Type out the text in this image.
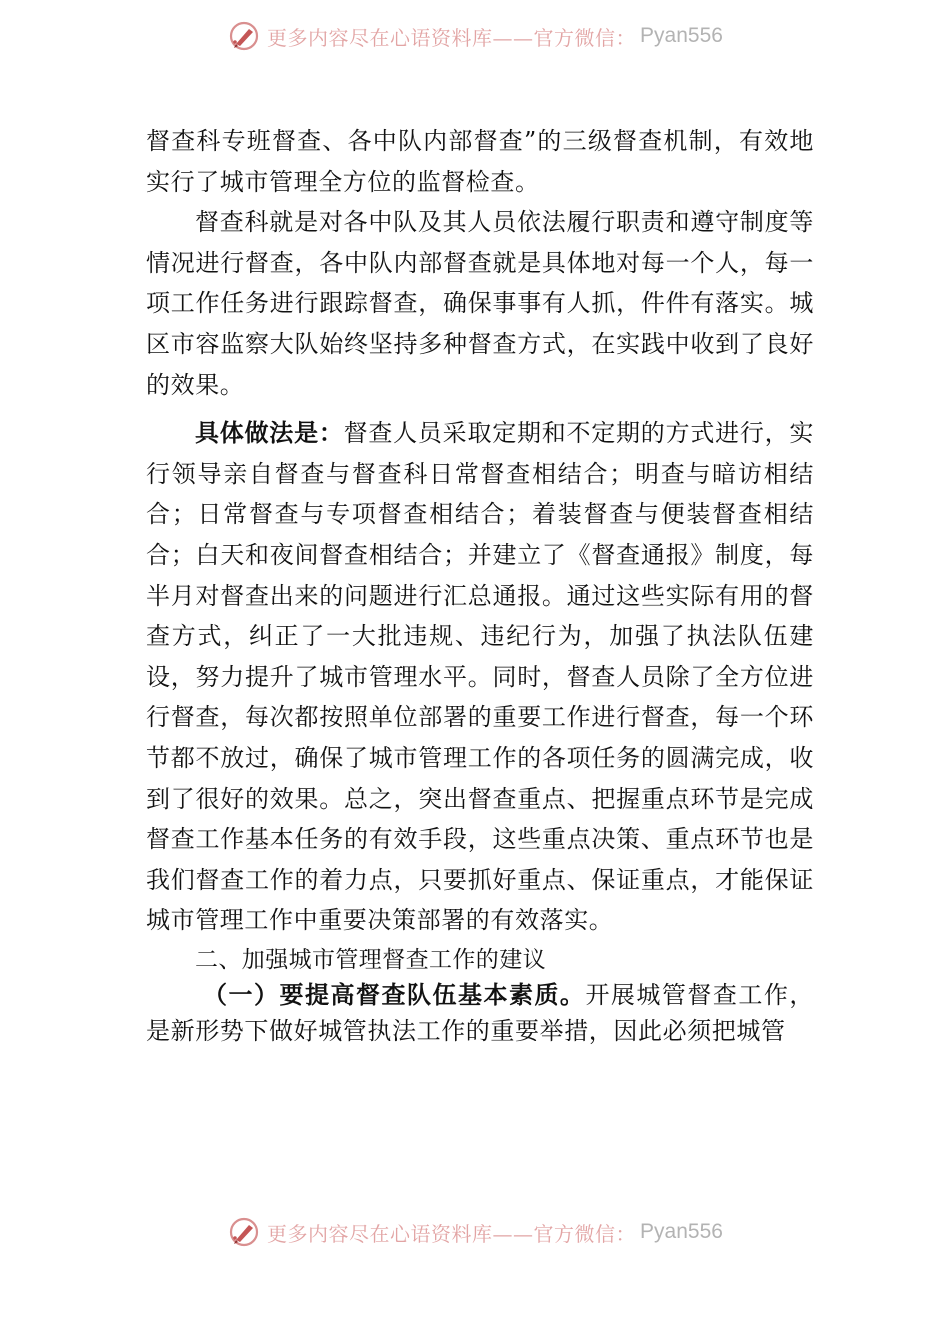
更多内容尽在心语资料库——官方微信： Pyan556

督查科专班督查、各中队内部督查”的三级督查机制，有效地实行了城市管理全方位的监督检查。

督查科就是对各中队及其人员依法履行职责和遵守制度等情况进行督查，各中队内部督查就是具体地对每一个人，每一项工作任务进行跟踪督查，确保事事有人抓，件件有落实。城区市容监察大队始终坚持多种督查方式，在实践中收到了良好的效果。

具体做法是：督查人员采取定期和不定期的方式进行，实行领导亲自督查与督查科日常督查相结合；明查与暗访相结合；日常督查与专项督查相结合；着装督查与便装督查相结合；白天和夜间督查相结合；并建立了《督查通报》制度，每半月对督查出来的问题进行汇总通报。通过这些实际有用的督查方式，纠正了一大批违规、违纪行为，加强了执法队伍建设，努力提升了城市管理水平。同时，督查人员除了全方位进行督查，每次都按照单位部署的重要工作进行督查，每一个环节都不放过，确保了城市管理工作的各项任务的圆满完成，收到了很好的效果。总之，突出督查重点、把握重点环节是完成督查工作基本任务的有效手段，这些重点决策、重点环节也是我们督查工作的着力点，只要抓好重点、保证重点，才能保证城市管理工作中重要决策部署的有效落实。

二、加强城市管理督查工作的建议

（一）要提高督查队伍基本素质。开展城管督查工作，是新形势下做好城管执法工作的重要举措，因此必须把城管

更多内容尽在心语资料库——官方微信： Pyan556
